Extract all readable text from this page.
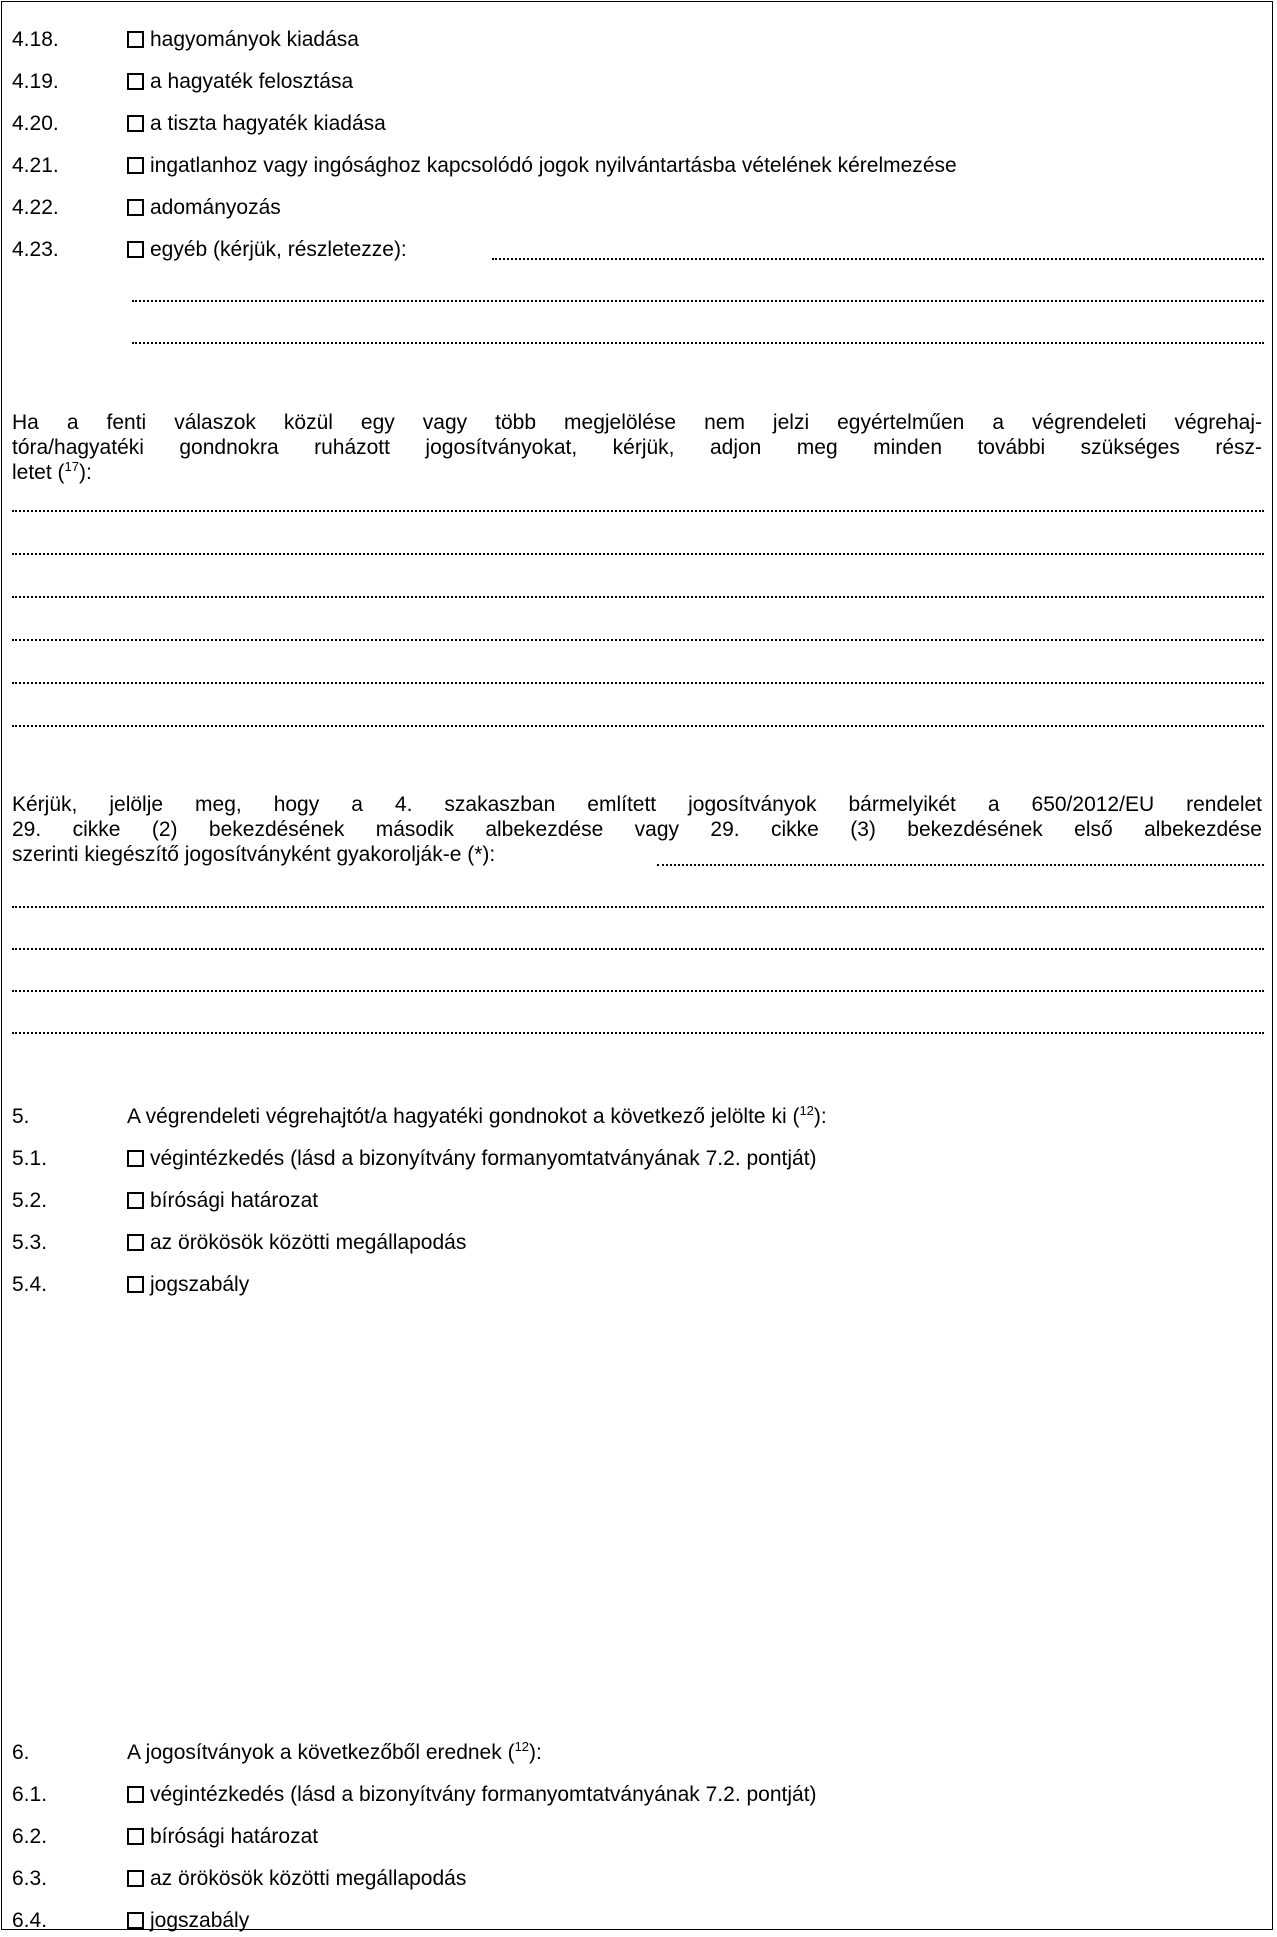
4.18.	hagyományok kiadása
4.19.	a hagyaték felosztása
4.20.	a tiszta hagyaték kiadása
4.21.	ingatlanhoz vagy ingósághoz kapcsolódó jogok nyilvántartásba vételének kérelmezése
4.22.	adományozás
4.23.	egyéb (kérjük, részletezze):
Ha a fenti válaszok közül egy vagy több megjelölése nem jelzi egyértelműen a végrendeleti végrehaj-
tóra/hagyatéki gondnokra ruházott jogosítványokat, kérjük, adjon meg minden további szükséges rész-
letet ($^{17}$):
Kérjük, jelölje meg, hogy a 4. szakaszban említett jogosítványok bármelyikét a 650/2012/EU rendelet
29. cikke (2) bekezdésének második albekezdése vagy 29. cikke (3) bekezdésének első albekezdése
szerinti kiegészítő jogosítványként gyakorolják-e (*):
5.	A végrendeleti végrehajtót/a hagyatéki gondnokot a következő jelölte ki ($^{12}$):
5.1.	végintézkedés (lásd a bizonyítvány formanyomtatványának 7.2. pontját)
5.2.	bírósági határozat
5.3.	az örökösök közötti megállapodás
5.4.	jogszabály
6.	A jogosítványok a következőből erednek ($^{12}$):
6.1.	végintézkedés (lásd a bizonyítvány formanyomtatványának 7.2. pontját)
6.2.	bírósági határozat
6.3.	az örökösök közötti megállapodás
6.4.	jogszabály
